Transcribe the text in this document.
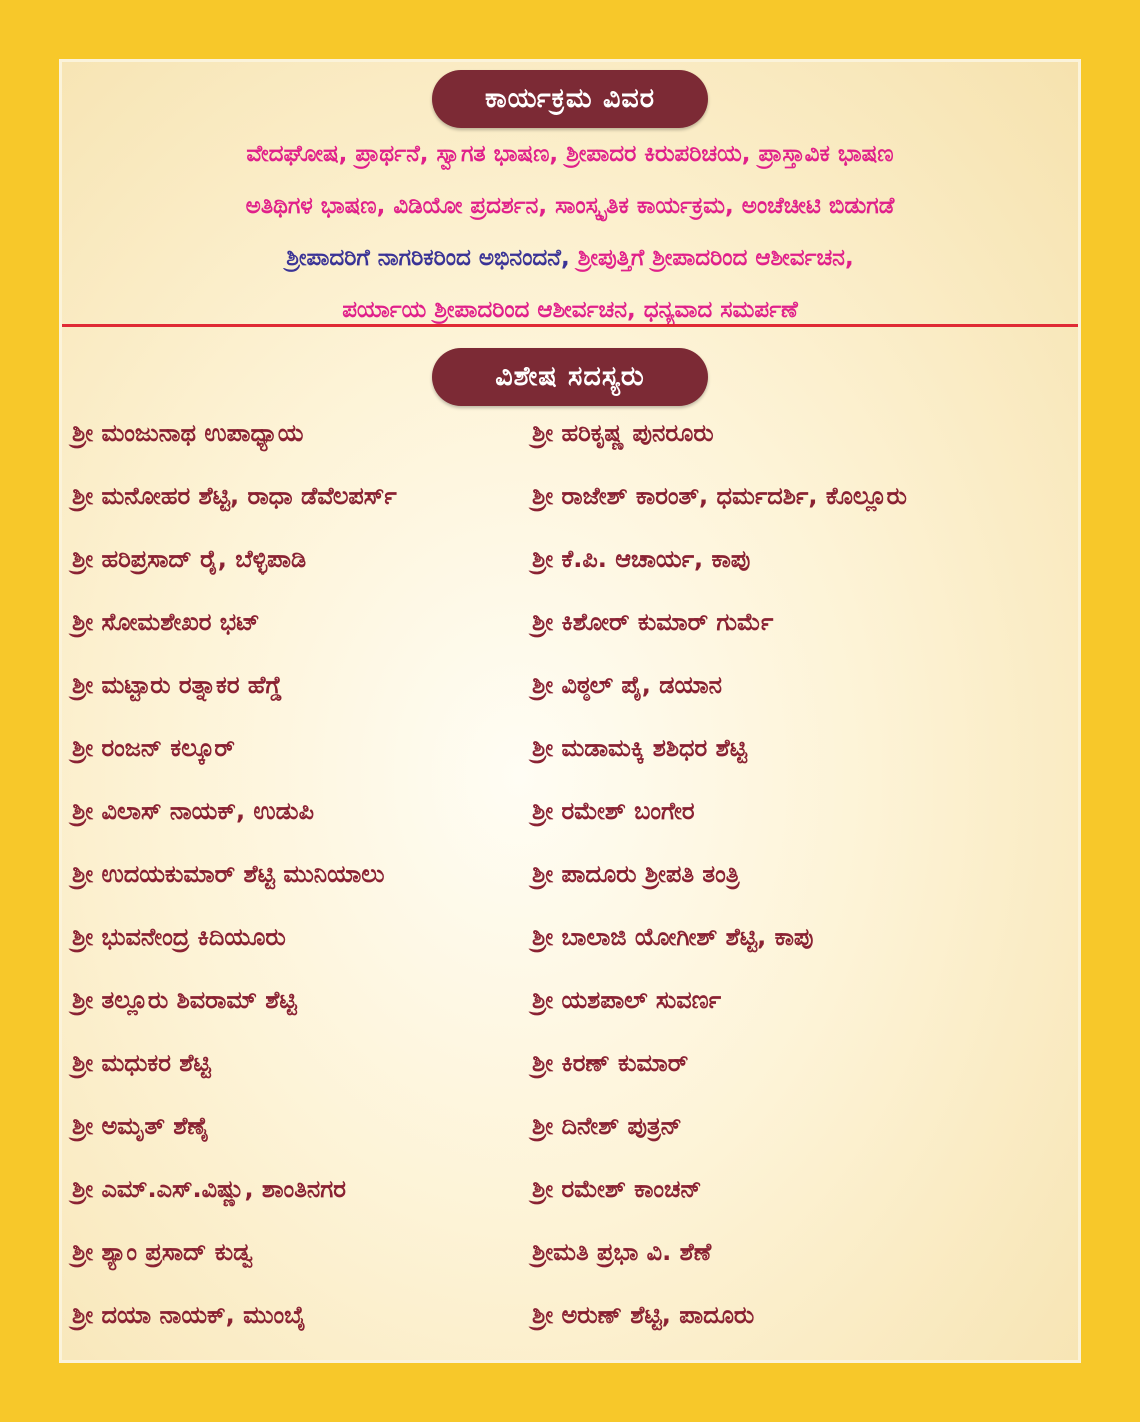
ಕಾರ್ಯಕ್ರಮ ವಿವರ
ವೇದಘೋಷ, ಪ್ರಾರ್ಥನೆ, ಸ್ವಾಗತ ಭಾಷಣ, ಶ್ರೀಪಾದರ ಕಿರುಪರಿಚಯ, ಪ್ರಾಸ್ತಾವಿಕ ಭಾಷಣ
ಅತಿಥಿಗಳ ಭಾಷಣ, ವಿಡಿಯೋ ಪ್ರದರ್ಶನ, ಸಾಂಸ್ಕೃತಿಕ ಕಾರ್ಯಕ್ರಮ, ಅಂಚೆಚೀಟಿ ಬಿಡುಗಡೆ
ಶ್ರೀಪಾದರಿಗೆ ನಾಗರಿಕರಿಂದ ಅಭಿನಂದನೆ, ಶ್ರೀಪುತ್ತಿಗೆ ಶ್ರೀಪಾದರಿಂದ ಆಶೀರ್ವಚನ,
ಪರ್ಯಾಯ ಶ್ರೀಪಾದರಿಂದ ಆಶೀರ್ವಚನ, ಧನ್ಯವಾದ ಸಮರ್ಪಣೆ
ವಿಶೇಷ ಸದಸ್ಯರು
ಶ್ರೀ ಮಂಜುನಾಥ ಉಪಾಧ್ಯಾಯ	ಶ್ರೀ ಹರಿಕೃಷ್ಣ ಪುನರೂರು
ಶ್ರೀ ಮನೋಹರ ಶೆಟ್ಟಿ, ರಾಧಾ ಡೆವೆಲಪರ್ಸ್	ಶ್ರೀ ರಾಜೇಶ್ ಕಾರಂತ್, ಧರ್ಮದರ್ಶಿ, ಕೊಲ್ಲೂರು
ಶ್ರೀ ಹರಿಪ್ರಸಾದ್ ರೈ, ಬೆಳ್ಳಿಪಾಡಿ	ಶ್ರೀ ಕೆ.ಪಿ. ಆಚಾರ್ಯ, ಕಾಪು
ಶ್ರೀ ಸೋಮಶೇಖರ ಭಟ್	ಶ್ರೀ ಕಿಶೋರ್ ಕುಮಾರ್ ಗುರ್ಮೆ
ಶ್ರೀ ಮಟ್ಟಾರು ರತ್ನಾಕರ ಹೆಗ್ಡೆ	ಶ್ರೀ ವಿಠ್ಠಲ್ ಪೈ, ಡಯಾನ
ಶ್ರೀ ರಂಜನ್ ಕಲ್ಕೂರ್	ಶ್ರೀ ಮಡಾಮಕ್ಕಿ ಶಶಿಧರ ಶೆಟ್ಟಿ
ಶ್ರೀ ವಿಲಾಸ್ ನಾಯಕ್, ಉಡುಪಿ	ಶ್ರೀ ರಮೇಶ್ ಬಂಗೇರ
ಶ್ರೀ ಉದಯಕುಮಾರ್ ಶೆಟ್ಟಿ ಮುನಿಯಾಲು	ಶ್ರೀ ಪಾದೂರು ಶ್ರೀಪತಿ ತಂತ್ರಿ
ಶ್ರೀ ಭುವನೇಂದ್ರ ಕಿದಿಯೂರು	ಶ್ರೀ ಬಾಲಾಜಿ ಯೋಗೀಶ್ ಶೆಟ್ಟಿ, ಕಾಪು
ಶ್ರೀ ತಲ್ಲೂರು ಶಿವರಾಮ್ ಶೆಟ್ಟಿ	ಶ್ರೀ ಯಶಪಾಲ್ ಸುವರ್ಣ
ಶ್ರೀ ಮಧುಕರ ಶೆಟ್ಟಿ	ಶ್ರೀ ಕಿರಣ್ ಕುಮಾರ್
ಶ್ರೀ ಅಮೃತ್ ಶೆಣೈ	ಶ್ರೀ ದಿನೇಶ್ ಪುತ್ರನ್
ಶ್ರೀ ಎಮ್.ಎಸ್.ವಿಷ್ಣು, ಶಾಂತಿನಗರ	ಶ್ರೀ ರಮೇಶ್ ಕಾಂಚನ್
ಶ್ರೀ ಶ್ಯಾಂ ಪ್ರಸಾದ್ ಕುಡ್ವ	ಶ್ರೀಮತಿ ಪ್ರಭಾ ವಿ. ಶೆಣೆ
ಶ್ರೀ ದಯಾ ನಾಯಕ್, ಮುಂಬೈ	ಶ್ರೀ ಅರುಣ್ ಶೆಟ್ಟಿ, ಪಾದೂರು
